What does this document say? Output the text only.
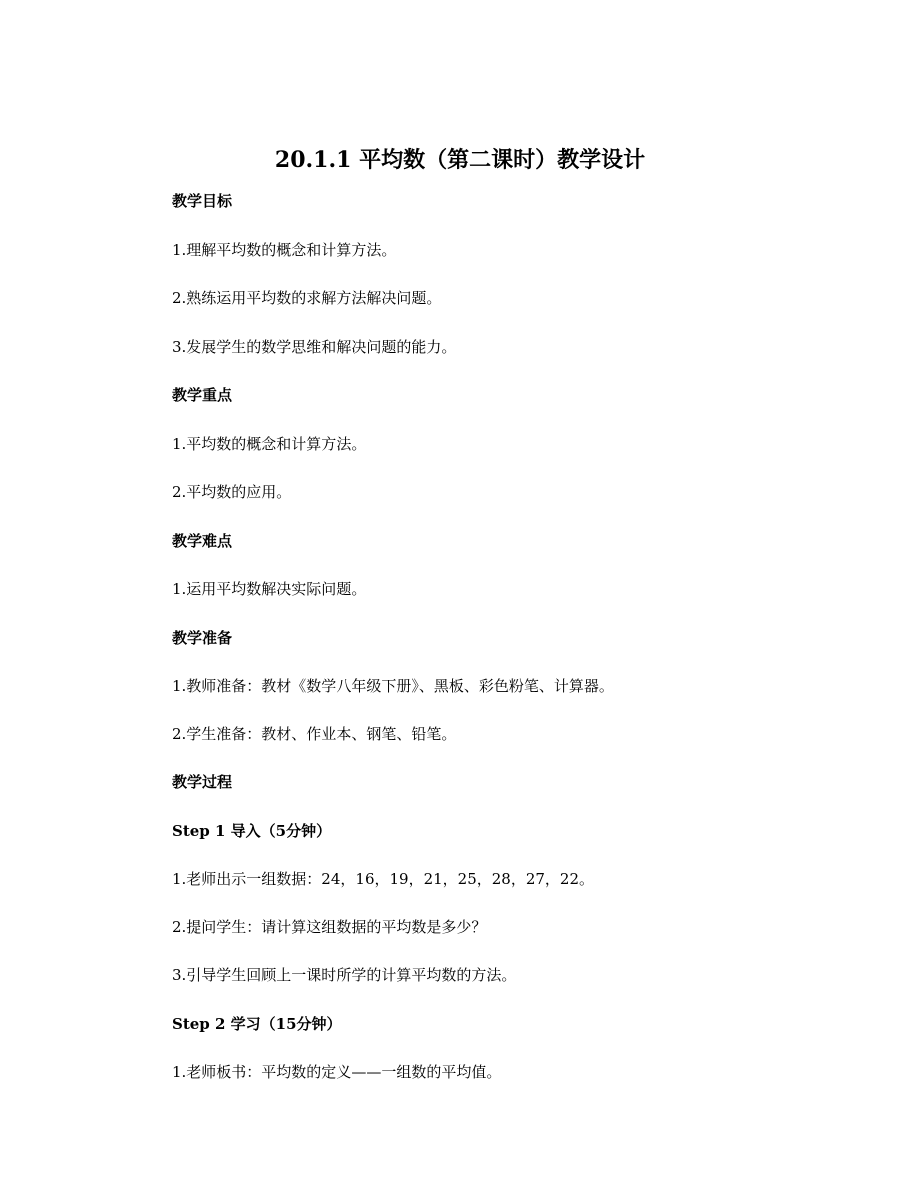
20.1.1 平均数（第二课时）教学设计

教学目标

1.理解平均数的概念和计算方法。

2.熟练运用平均数的求解方法解决问题。

3.发展学生的数学思维和解决问题的能力。

教学重点

1.平均数的概念和计算方法。

2.平均数的应用。

教学难点

1.运用平均数解决实际问题。

教学准备

1.教师准备：教材《数学八年级下册》、黑板、彩色粉笔、计算器。

2.学生准备：教材、作业本、钢笔、铅笔。

教学过程

Step 1 导入（5分钟）

1.老师出示一组数据：24，16，19，21，25，28，27，22。

2.提问学生：请计算这组数据的平均数是多少？

3.引导学生回顾上一课时所学的计算平均数的方法。

Step 2 学习（15分钟）

1.老师板书：平均数的定义——一组数的平均值。
